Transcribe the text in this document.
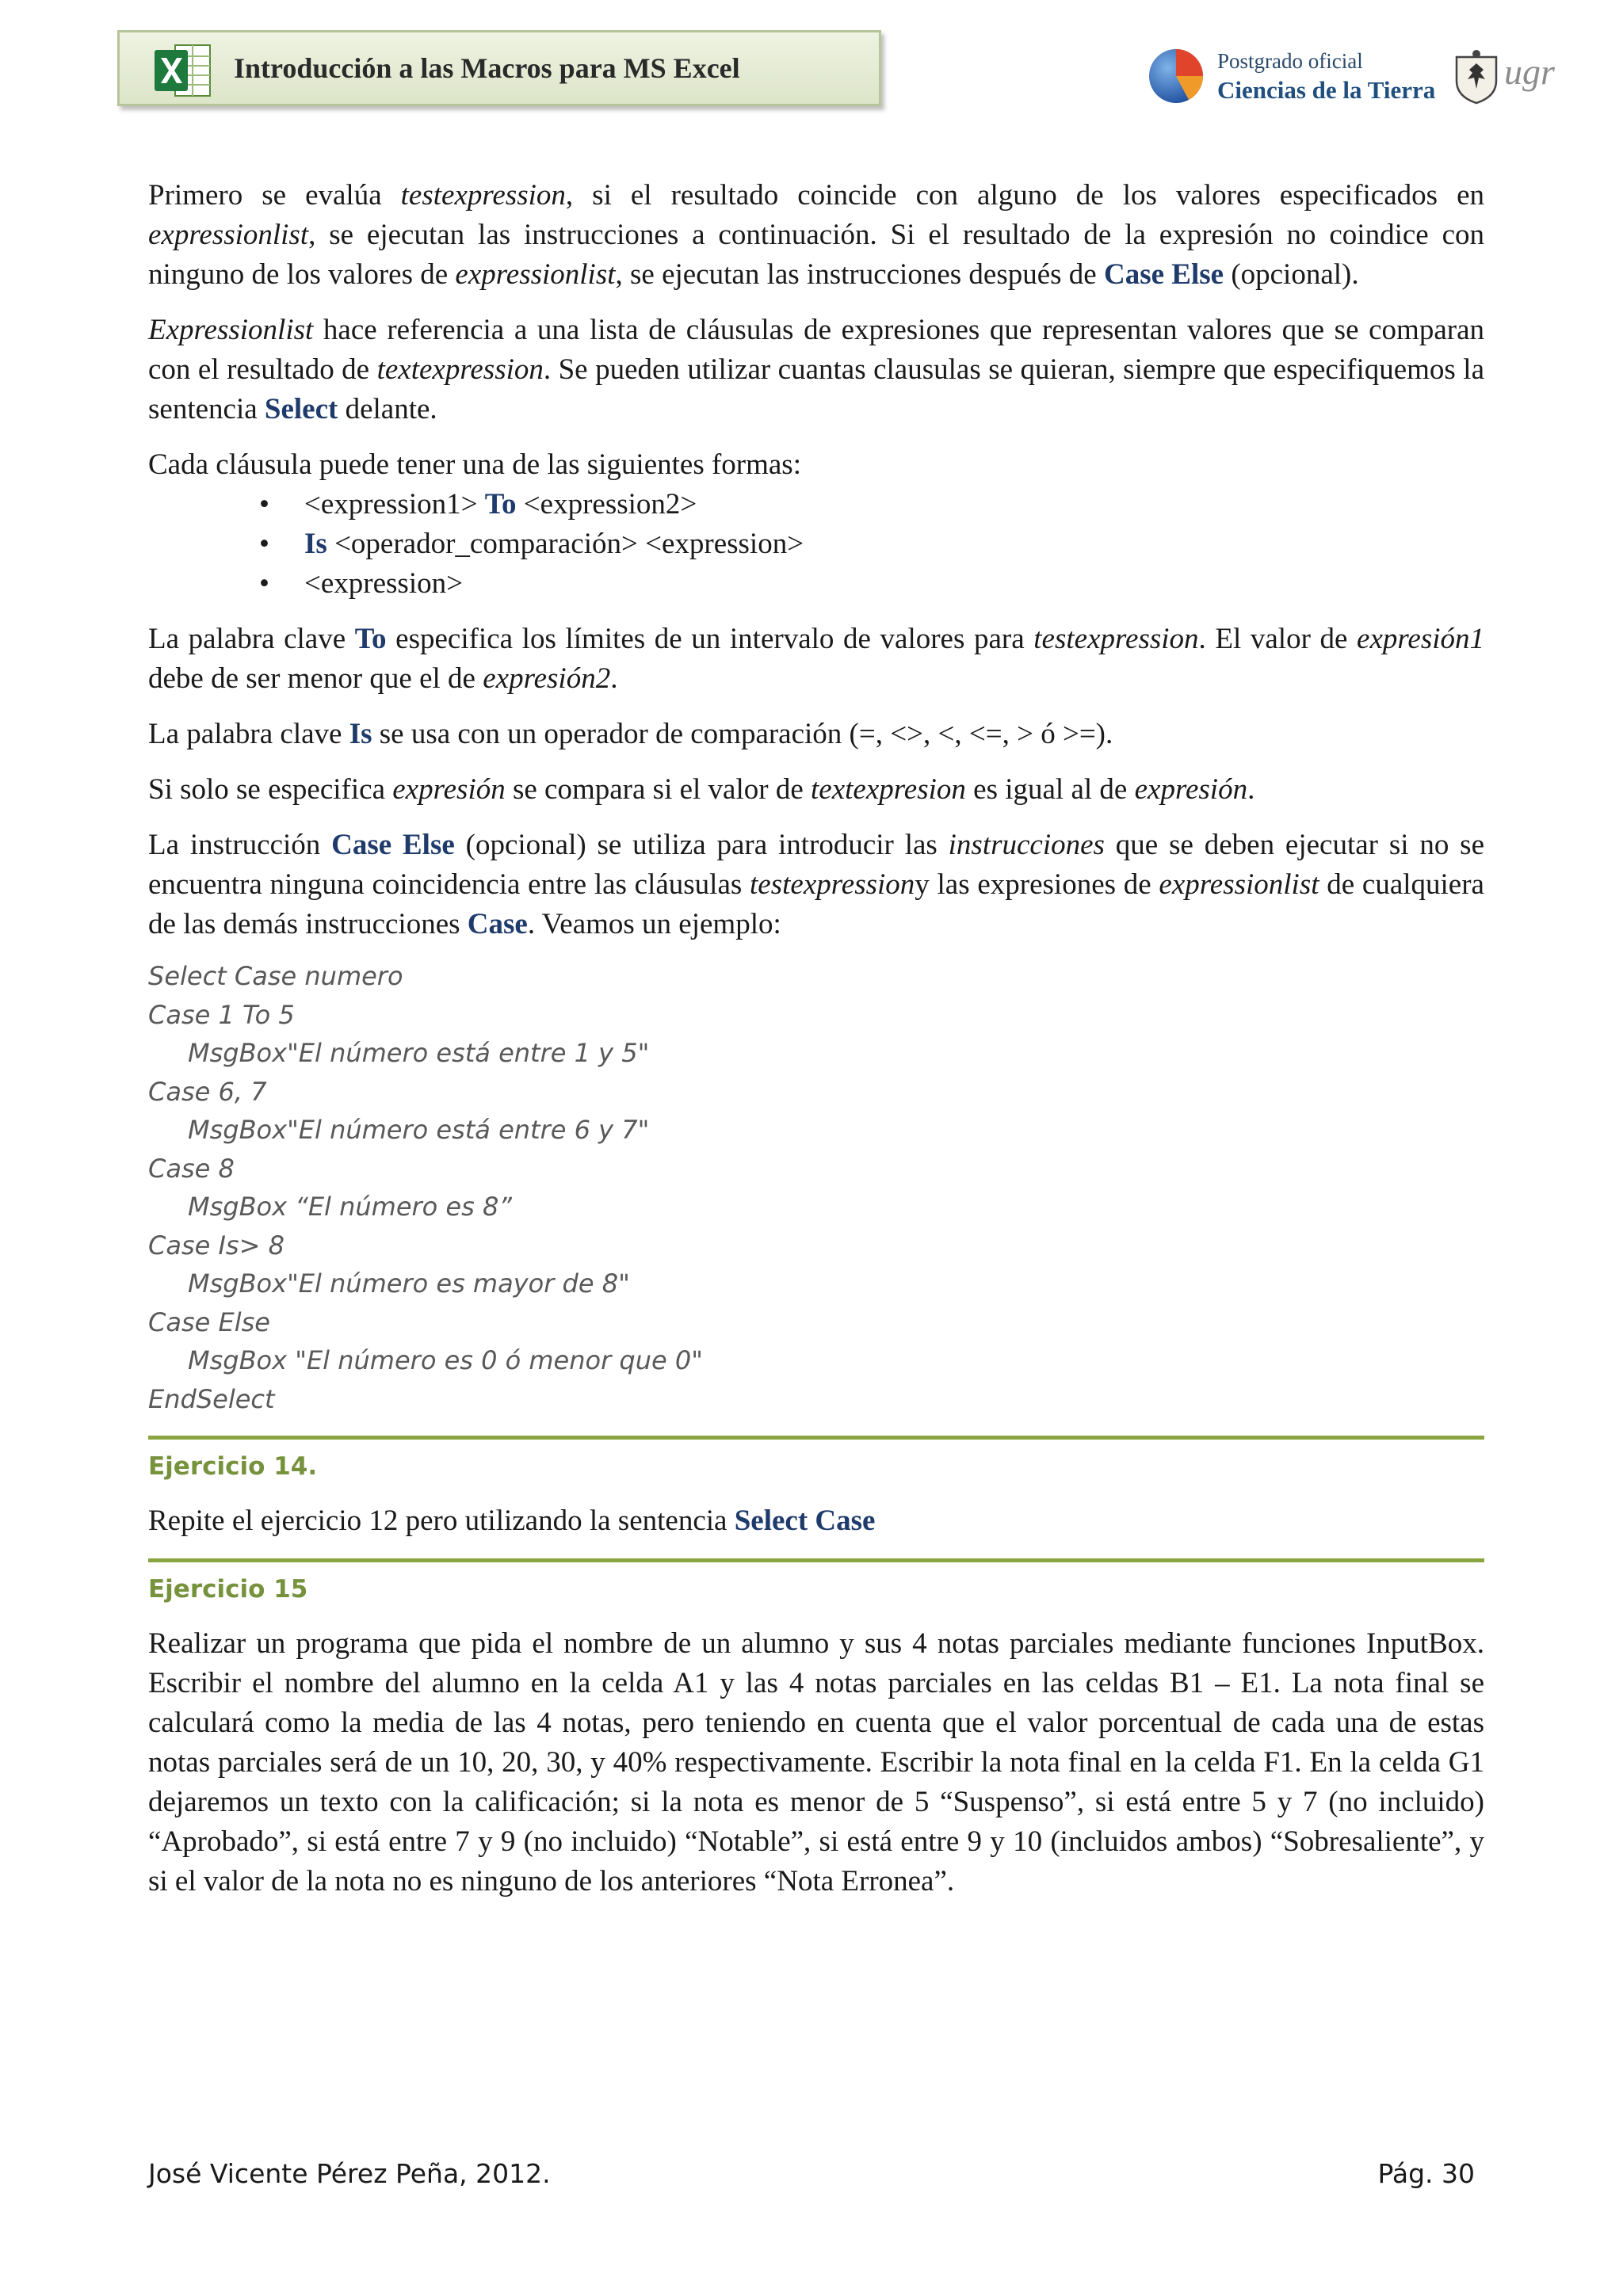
Introducción a las Macros para MS Excel	Postgrado oficial
Ciencias de la Tierra ugr

Primero se evalúa testexpression, si el resultado coincide con alguno de los valores especificados en expressionlist, se ejecutan las instrucciones a continuación. Si el resultado de la expresión no coindice con ninguno de los valores de expressionlist, se ejecutan las instrucciones después de Case Else (opcional).

Expressionlist hace referencia a una lista de cláusulas de expresiones que representan valores que se comparan con el resultado de textexpression. Se pueden utilizar cuantas clausulas se quieran, siempre que especifiquemos la sentencia Select delante.

Cada cláusula puede tener una de las siguientes formas:

• <expression1> To <expression2>
• Is <operador_comparación> <expression>
• <expression>

La palabra clave To especifica los límites de un intervalo de valores para testexpression. El valor de expresión1 debe de ser menor que el de expresión2.

La palabra clave Is se usa con un operador de comparación (=, <>, <, <=, > ó >=).

Si solo se especifica expresión se compara si el valor de textexpresion es igual al de expresión.

La instrucción Case Else (opcional) se utiliza para introducir las instrucciones que se deben ejecutar si no se encuentra ninguna coincidencia entre las cláusulas testexpressiony las expresiones de expressionlist de cualquiera de las demás instrucciones Case. Veamos un ejemplo:

Select Case numero
Case 1 To 5
MsgBox"El número está entre 1 y 5"
Case 6, 7
MsgBox"El número está entre 6 y 7"
Case 8
MsgBox “El número es 8”
Case Is> 8
MsgBox"El número es mayor de 8"
Case Else
MsgBox "El número es 0 ó menor que 0"
EndSelect
Ejercicio 14.

Repite el ejercicio 12 pero utilizando la sentencia Select Case

Ejercicio 15

Realizar un programa que pida el nombre de un alumno y sus 4 notas parciales mediante funciones InputBox. Escribir el nombre del alumno en la celda A1 y las 4 notas parciales en las celdas B1 – E1. La nota final se calculará como la media de las 4 notas, pero teniendo en cuenta que el valor porcentual de cada una de estas notas parciales será de un 10, 20, 30, y 40% respectivamente. Escribir la nota final en la celda F1. En la celda G1 dejaremos un texto con la calificación; si la nota es menor de 5 “Suspenso”, si está entre 5 y 7 (no incluido) “Aprobado”, si está entre 7 y 9 (no incluido) “Notable”, si está entre 9 y 10 (incluidos ambos) “Sobresaliente”, y si el valor de la nota no es ninguno de los anteriores “Nota Erronea”.

José Vicente Pérez Peña, 2012.	Pág. 30
